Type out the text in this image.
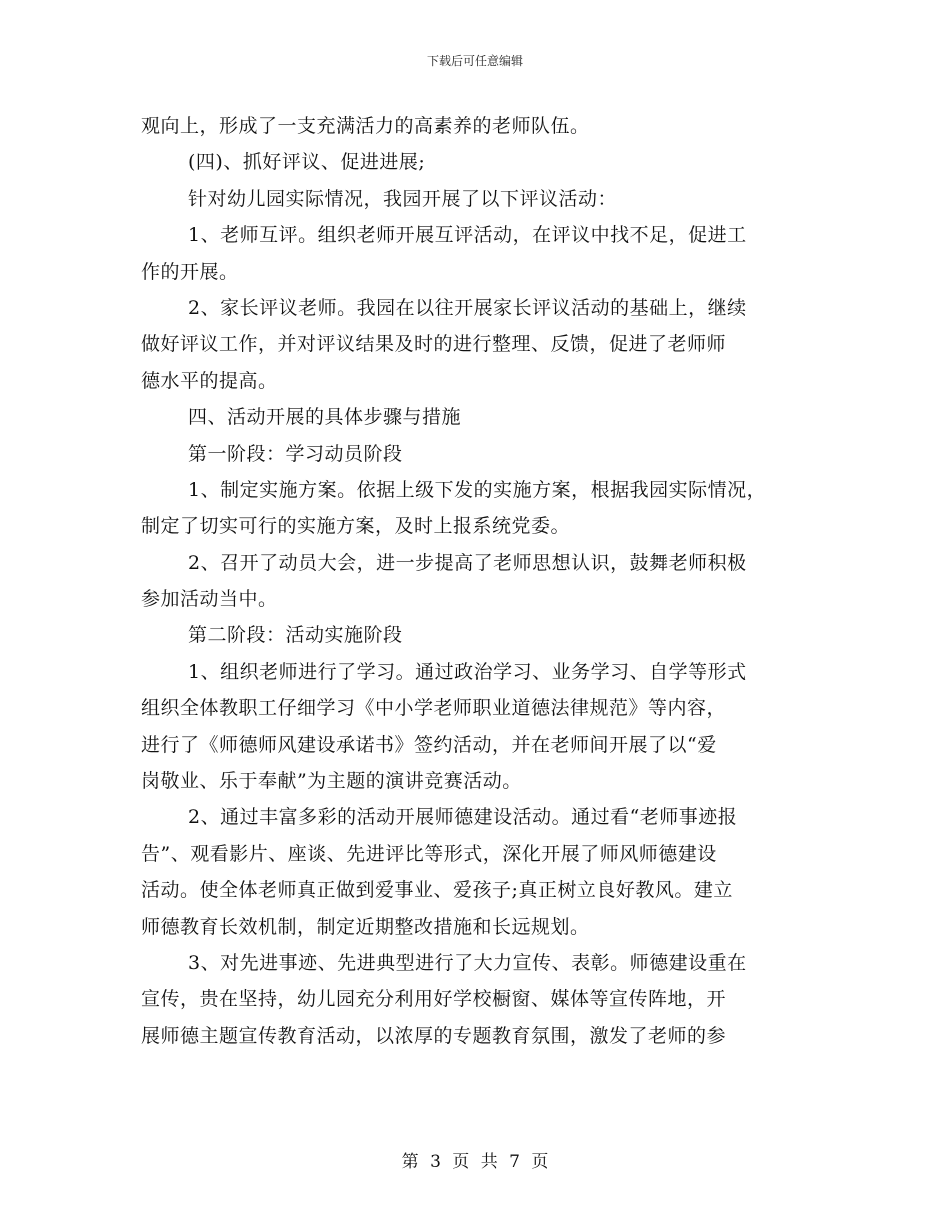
下载后可任意编辑
观向上，形成了一支充满活力的高素养的老师队伍。
(四)、抓好评议、促进进展;
针对幼儿园实际情况，我园开展了以下评议活动：
1、老师互评。组织老师开展互评活动，在评议中找不足，促进工
作的开展。
2、家长评议老师。我园在以往开展家长评议活动的基础上，继续
做好评议工作，并对评议结果及时的进行整理、反馈，促进了老师师
德水平的提高。
四、活动开展的具体步骤与措施
第一阶段：学习动员阶段
1、制定实施方案。依据上级下发的实施方案，根据我园实际情况，
制定了切实可行的实施方案，及时上报系统党委。
2、召开了动员大会，进一步提高了老师思想认识，鼓舞老师积极
参加活动当中。
第二阶段：活动实施阶段
1、组织老师进行了学习。通过政治学习、业务学习、自学等形式
组织全体教职工仔细学习《中小学老师职业道德法律规范》等内容，
进行了《师德师风建设承诺书》签约活动，并在老师间开展了以“爱
岗敬业、乐于奉献”为主题的演讲竞赛活动。
2、通过丰富多彩的活动开展师德建设活动。通过看“老师事迹报
告”、观看影片、座谈、先进评比等形式，深化开展了师风师德建设
活动。使全体老师真正做到爱事业、爱孩子;真正树立良好教风。建立
师德教育长效机制，制定近期整改措施和长远规划。
3、对先进事迹、先进典型进行了大力宣传、表彰。师德建设重在
宣传，贵在坚持，幼儿园充分利用好学校橱窗、媒体等宣传阵地，开
展师德主题宣传教育活动，以浓厚的专题教育氛围，激发了老师的参
第 3 页 共 7 页
